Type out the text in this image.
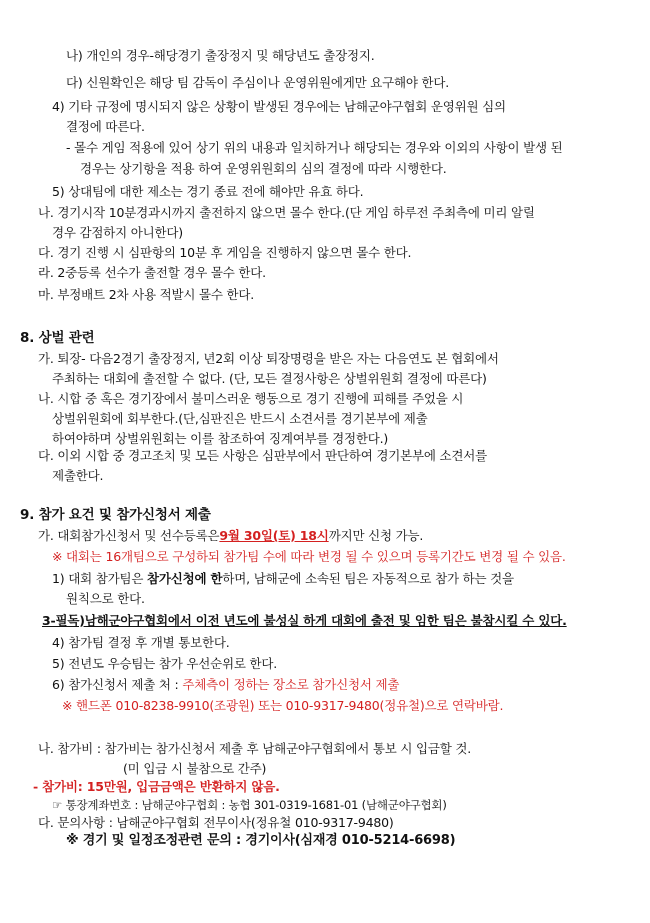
나) 개인의 경우-해당경기 출장정지 및 해당년도 출장정지.
다) 신원확인은 해당 팀 감독이 주심이나 운영위원에게만 요구해야 한다.
4) 기타 규정에 명시되지 않은 상황이 발생된 경우에는 남해군야구협회 운영위원 심의
결정에 따른다.
- 몰수 게임 적용에 있어 상기 위의 내용과 일치하거나 해당되는 경우와 이외의 사항이 발생 된
경우는 상기항을 적용 하여 운영위원회의 심의 결정에 따라 시행한다.
5) 상대팀에 대한 제소는 경기 종료 전에 해야만 유효 하다.
나. 경기시작 10분경과시까지 출전하지 않으면 몰수 한다.(단 게임 하루전 주최측에 미리 알릴
경우 감점하지 아니한다)
다. 경기 진행 시 심판항의 10분 후 게임을 진행하지 않으면 몰수 한다.
라. 2중등록 선수가 출전할 경우 몰수 한다.
마. 부정배트 2차 사용 적발시 몰수 한다.
8. 상벌 관련
가. 퇴장- 다음2경기 출장정지, 년2회 이상 퇴장명령을 받은 자는 다음연도 본 협회에서
주최하는 대회에 출전할 수 없다. (단, 모든 결정사항은 상벌위원회 결정에 따른다)
나. 시합 중 혹은 경기장에서 불미스러운 행동으로 경기 진행에 피해를 주었을 시
상벌위원회에 회부한다.(단,심판진은 반드시 소견서를 경기본부에 제출
하여야하며 상벌위원회는 이를 참조하여 징계여부를 경정한다.)
다. 이외 시합 중 경고조치 및 모든 사항은 심판부에서 판단하여 경기본부에 소견서를
제출한다.
9. 참가 요건 및 참가신청서 제출
가. 대회참가신청서 및 선수등록은9월 30일(토) 18시까지만 신청 가능.
※ 대회는 16개팀으로 구성하되 참가팀 수에 따라 변경 될 수 있으며 등록기간도 변경 될 수 있음.
1) 대회 참가팀은 참가신청에 한하며, 남해군에 소속된 팀은 자동적으로 참가 하는 것을
원칙으로 한다.
3-필독)남해군야구협회에서 이전 년도에 불성실 하게 대회에 출전 및 임한 팀은 불참시킬 수 있다.
4) 참가팀 결정 후 개별 통보한다.
5) 전년도 우승팀는 참가 우선순위로 한다.
6) 참가신청서 제출 처 : 주체측이 정하는 장소로 참가신청서 제출
※ 핸드폰 010-8238-9910(조광원) 또는 010-9317-9480(정유철)으로 연락바람.
나. 참가비 : 참가비는 참가신청서 제출 후 남해군야구협회에서 통보 시 입금할 것.
(미 입금 시 불참으로 간주)
- 참가비: 15만원, 입금금액은 반환하지 않음.
☞ 통장계좌번호 : 남해군야구협회 : 농협 301-0319-1681-01 (남해군야구협회)
다. 문의사항 : 남해군야구협회 전무이사(정유철 010-9317-9480)
※ 경기 및 일정조정관련 문의 : 경기이사(심재경 010-5214-6698)
